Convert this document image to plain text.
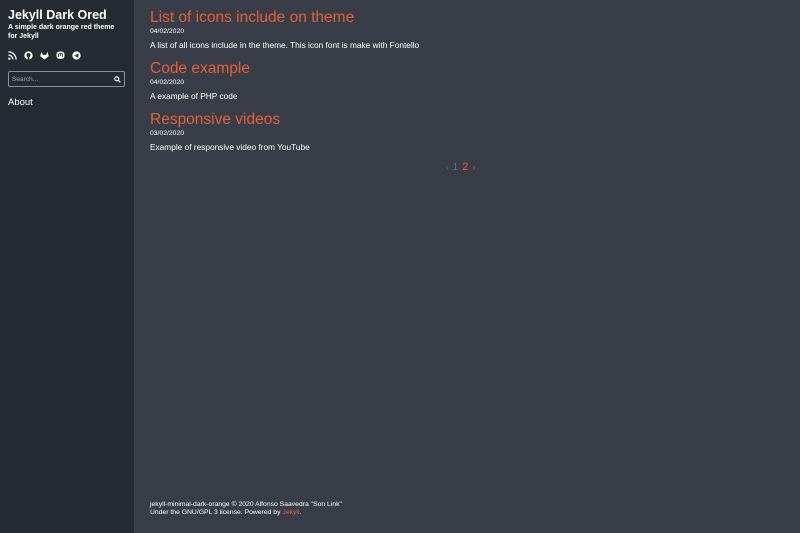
Jekyll Dark Ored
A simple dark orange red theme for Jekyll
Search...
About
List of icons include on theme
04/02/2020
A list of all icons include in the theme. This icon font is make with Fontello
Code example
04/02/2020
A example of PHP code
Responsive videos
03/02/2020
Example of responsive video from YouTube
‹ 1 2 ›
jekyll-minimal-dark-orange © 2020 Alfonso Saavedra "Son Link"
Under the GNU/GPL 3 license. Powered by Jekyll.
